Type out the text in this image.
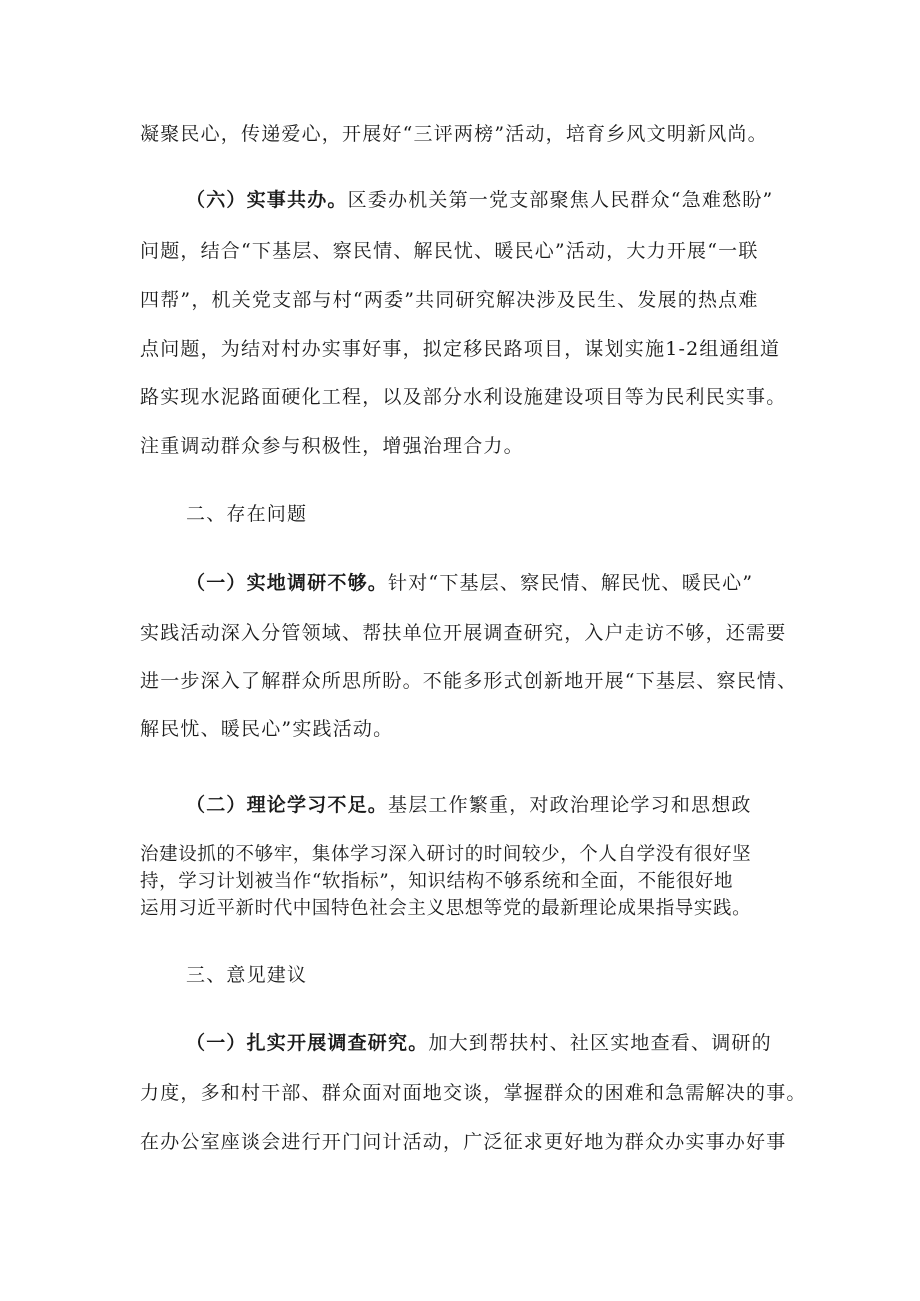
凝聚民心，传递爱心，开展好“三评两榜”活动，培育乡风文明新风尚。
（六）实事共办。区委办机关第一党支部聚焦人民群众“急难愁盼”
问题，结合“下基层、察民情、解民忧、暖民心”活动，大力开展“一联
四帮”，机关党支部与村“两委”共同研究解决涉及民生、发展的热点难
点问题，为结对村办实事好事，拟定移民路项目，谋划实施1-2组通组道
路实现水泥路面硬化工程，以及部分水利设施建设项目等为民利民实事。
注重调动群众参与积极性，增强治理合力。
二、存在问题
（一）实地调研不够。针对“下基层、察民情、解民忧、暖民心”
实践活动深入分管领域、帮扶单位开展调查研究，入户走访不够，还需要
进一步深入了解群众所思所盼。不能多形式创新地开展“下基层、察民情、
解民忧、暖民心”实践活动。
（二）理论学习不足。基层工作繁重，对政治理论学习和思想政
治建设抓的不够牢，集体学习深入研讨的时间较少，个人自学没有很好坚
持，学习计划被当作“软指标”，知识结构不够系统和全面，不能很好地
运用习近平新时代中国特色社会主义思想等党的最新理论成果指导实践。
三、意见建议
（一）扎实开展调查研究。加大到帮扶村、社区实地查看、调研的
力度，多和村干部、群众面对面地交谈，掌握群众的困难和急需解决的事。
在办公室座谈会进行开门问计活动，广泛征求更好地为群众办实事办好事
